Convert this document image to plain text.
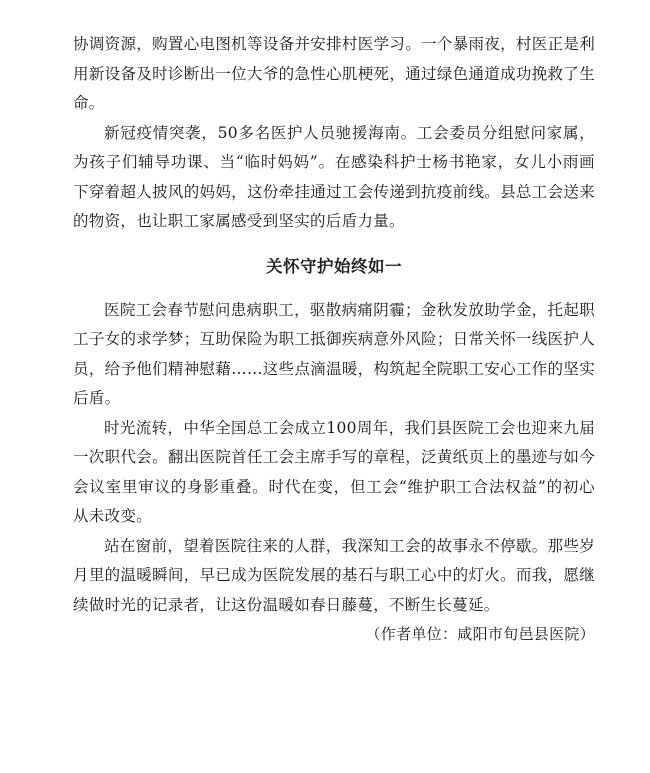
协调资源，购置心电图机等设备并安排村医学习。一个暴雨夜，村医正是利用新设备及时诊断出一位大爷的急性心肌梗死，通过绿色通道成功挽救了生命。

新冠疫情突袭，50多名医护人员驰援海南。工会委员分组慰问家属，为孩子们辅导功课、当“临时妈妈”。在感染科护士杨书艳家，女儿小雨画下穿着超人披风的妈妈，这份牵挂通过工会传递到抗疫前线。县总工会送来的物资，也让职工家属感受到坚实的后盾力量。

关怀守护始终如一

医院工会春节慰问患病职工，驱散病痛阴霾；金秋发放助学金，托起职工子女的求学梦；互助保险为职工抵御疾病意外风险；日常关怀一线医护人员，给予他们精神慰藉……这些点滴温暖，构筑起全院职工安心工作的坚实后盾。

时光流转，中华全国总工会成立100周年，我们县医院工会也迎来九届一次职代会。翻出医院首任工会主席手写的章程，泛黄纸页上的墨迹与如今会议室里审议的身影重叠。时代在变，但工会“维护职工合法权益”的初心从未改变。

站在窗前，望着医院往来的人群，我深知工会的故事永不停歇。那些岁月里的温暖瞬间，早已成为医院发展的基石与职工心中的灯火。而我，愿继续做时光的记录者，让这份温暖如春日藤蔓，不断生长蔓延。

（作者单位：咸阳市旬邑县医院）
